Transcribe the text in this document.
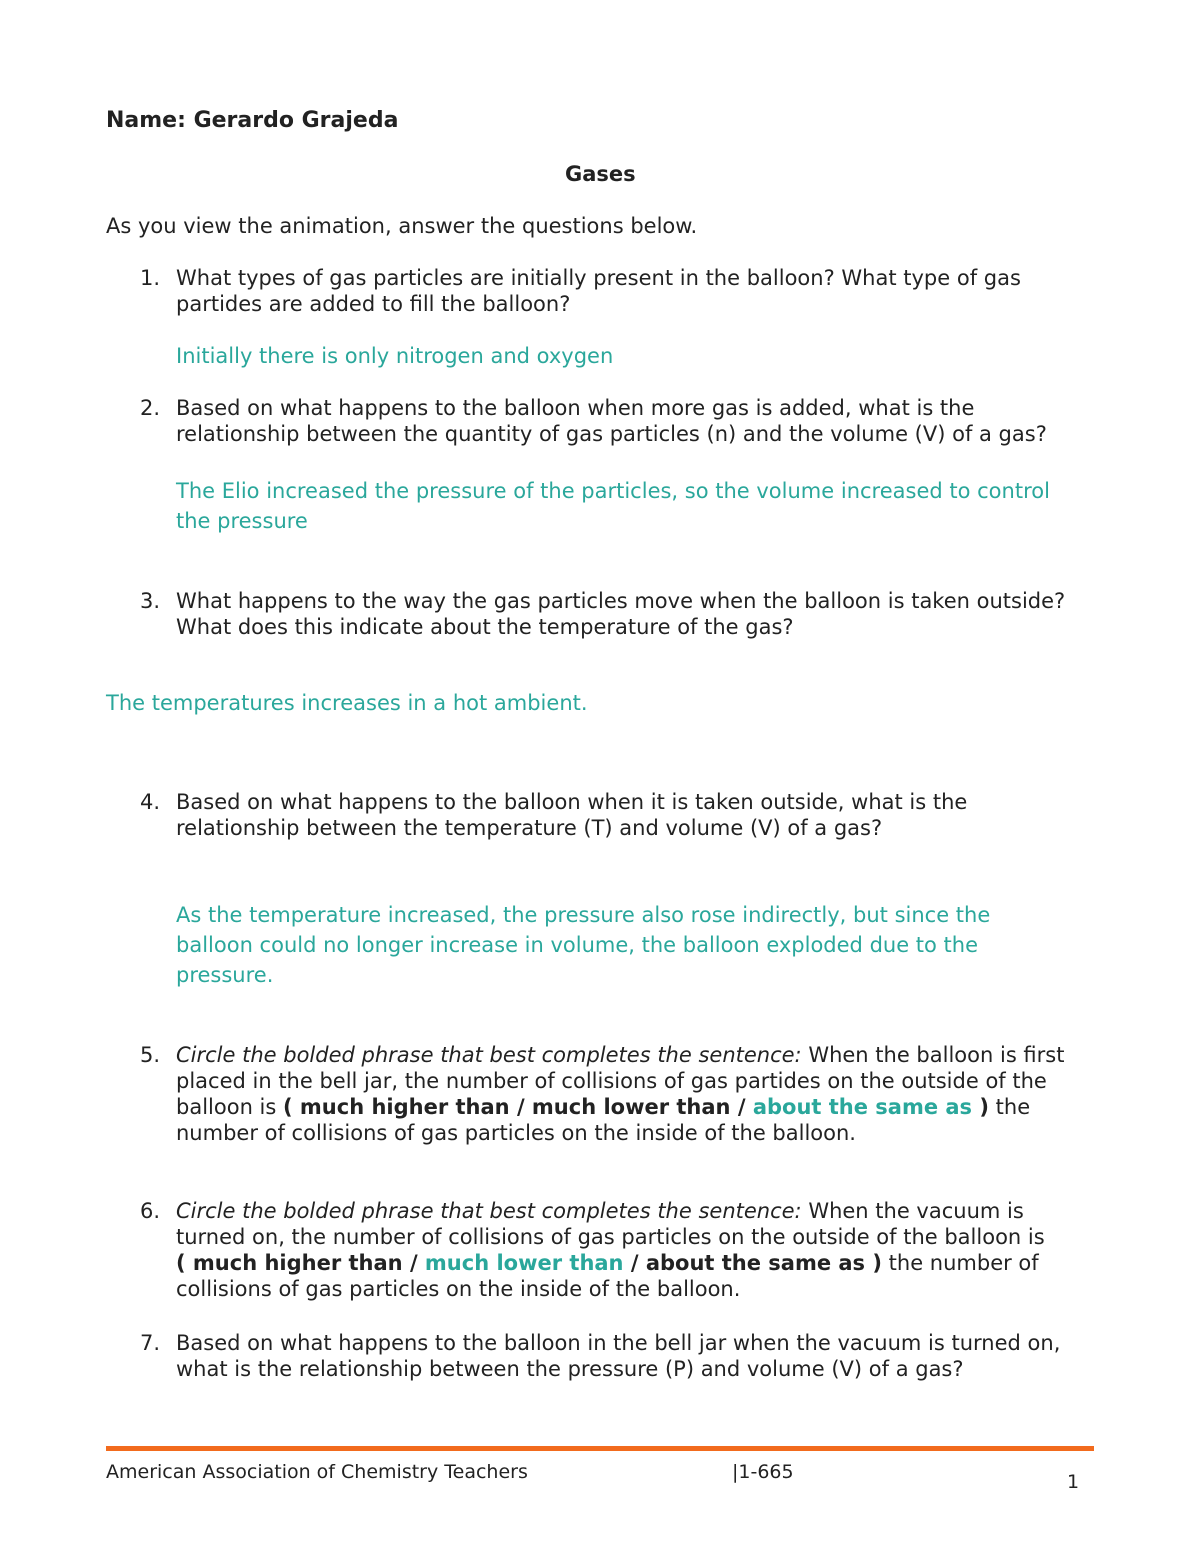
Name: Gerardo Grajeda
Gases
As you view the animation, answer the questions below.
1. What types of gas particles are initially present in the balloon? What type of gas
partides are added to fill the balloon?
Initially there is only nitrogen and oxygen
2. Based on what happens to the balloon when more gas is added, what is the
relationship between the quantity of gas particles (n) and the volume (V) of a gas?
The Elio increased the pressure of the particles, so the volume increased to control
the pressure
3. What happens to the way the gas particles move when the balloon is taken outside?
What does this indicate about the temperature of the gas?
The temperatures increases in a hot ambient.
4. Based on what happens to the balloon when it is taken outside, what is the
relationship between the temperature (T) and volume (V) of a gas?
As the temperature increased, the pressure also rose indirectly, but since the
balloon could no longer increase in volume, the balloon exploded due to the
pressure.
5. Circle the bolded phrase that best completes the sentence: When the balloon is first
placed in the bell jar, the number of collisions of gas partides on the outside of the
balloon is ( much higher than / much lower than / about the same as ) the
number of collisions of gas particles on the inside of the balloon.
6. Circle the bolded phrase that best completes the sentence: When the vacuum is
turned on, the number of collisions of gas particles on the outside of the balloon is
( much higher than / much lower than / about the same as ) the number of
collisions of gas particles on the inside of the balloon.
7. Based on what happens to the balloon in the bell jar when the vacuum is turned on,
what is the relationship between the pressure (P) and volume (V) of a gas?
American Association of Chemistry Teachers	|1-665	1
